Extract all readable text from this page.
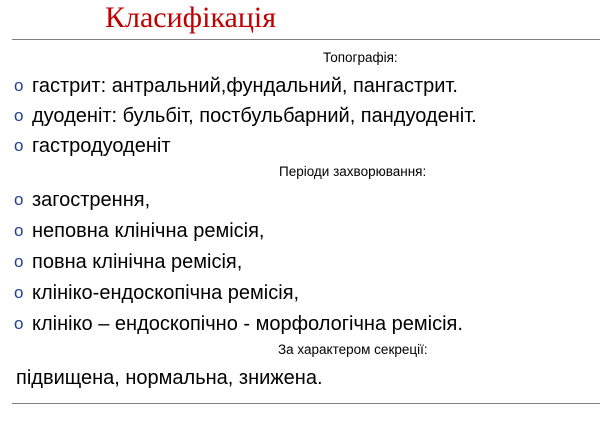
Класифікація
Топографія:
o гастрит: антральний,фундальний, пангастрит.
o дуоденіт: бульбіт, постбульбарний, пандуоденіт.
o гастродуоденіт
Періоди захворювання:
o загострення,
o неповна клінічна ремісія,
o повна клінічна ремісія,
o клініко-ендоскопічна ремісія,
o клініко – ендоскопічно - морфологічна ремісія.
За характером секреції:
підвищена, нормальна, знижена.
